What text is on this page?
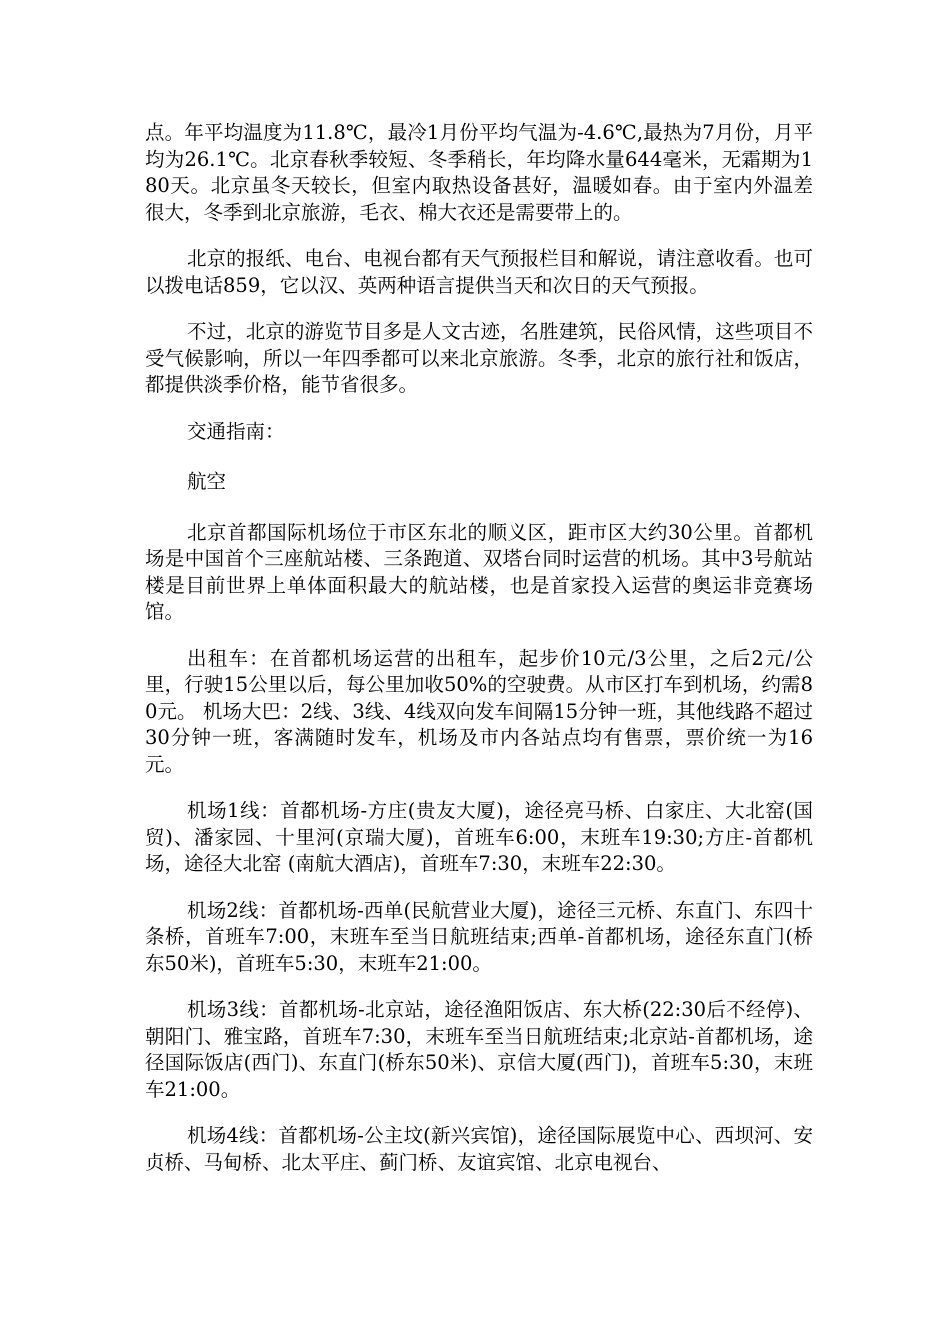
点。年平均温度为11.8℃，最冷1月份平均气温为-4.6℃,最热为7月份，月平均为26.1℃。北京春秋季较短、冬季稍长，年均降水量644毫米，无霜期为180天。北京虽冬天较长，但室内取热设备甚好，温暖如春。由于室内外温差很大，冬季到北京旅游，毛衣、棉大衣还是需要带上的。

北京的报纸、电台、电视台都有天气预报栏目和解说，请注意收看。也可以拨电话859，它以汉、英两种语言提供当天和次日的天气预报。

不过，北京的游览节目多是人文古迹，名胜建筑，民俗风情，这些项目不受气候影响，所以一年四季都可以来北京旅游。冬季，北京的旅行社和饭店，都提供淡季价格，能节省很多。

交通指南：

航空

北京首都国际机场位于市区东北的顺义区，距市区大约30公里。首都机场是中国首个三座航站楼、三条跑道、双塔台同时运营的机场。其中3号航站楼是目前世界上单体面积最大的航站楼，也是首家投入运营的奥运非竞赛场馆。

出租车：在首都机场运营的出租车，起步价10元/3公里，之后2元/公里，行驶15公里以后，每公里加收50%的空驶费。从市区打车到机场，约需80元。 机场大巴：2线、3线、4线双向发车间隔15分钟一班，其他线路不超过30分钟一班，客满随时发车，机场及市内各站点均有售票，票价统一为16元。

机场1线：首都机场-方庄(贵友大厦)，途径亮马桥、白家庄、大北窑(国贸)、潘家园、十里河(京瑞大厦)，首班车6:00，末班车19:30;方庄-首都机场，途径大北窑 (南航大酒店)，首班车7:30，末班车22:30。

机场2线：首都机场-西单(民航营业大厦)，途径三元桥、东直门、东四十条桥，首班车7:00，末班车至当日航班结束;西单-首都机场，途径东直门(桥东50米)，首班车5:30，末班车21:00。

机场3线：首都机场-北京站，途径渔阳饭店、东大桥(22:30后不经停)、朝阳门、雅宝路，首班车7:30，末班车至当日航班结束;北京站-首都机场，途径国际饭店(西门)、东直门(桥东50米)、京信大厦(西门)，首班车5:30，末班车21:00。

机场4线：首都机场-公主坟(新兴宾馆)，途径国际展览中心、西坝河、安贞桥、马甸桥、北太平庄、蓟门桥、友谊宾馆、北京电视台、
